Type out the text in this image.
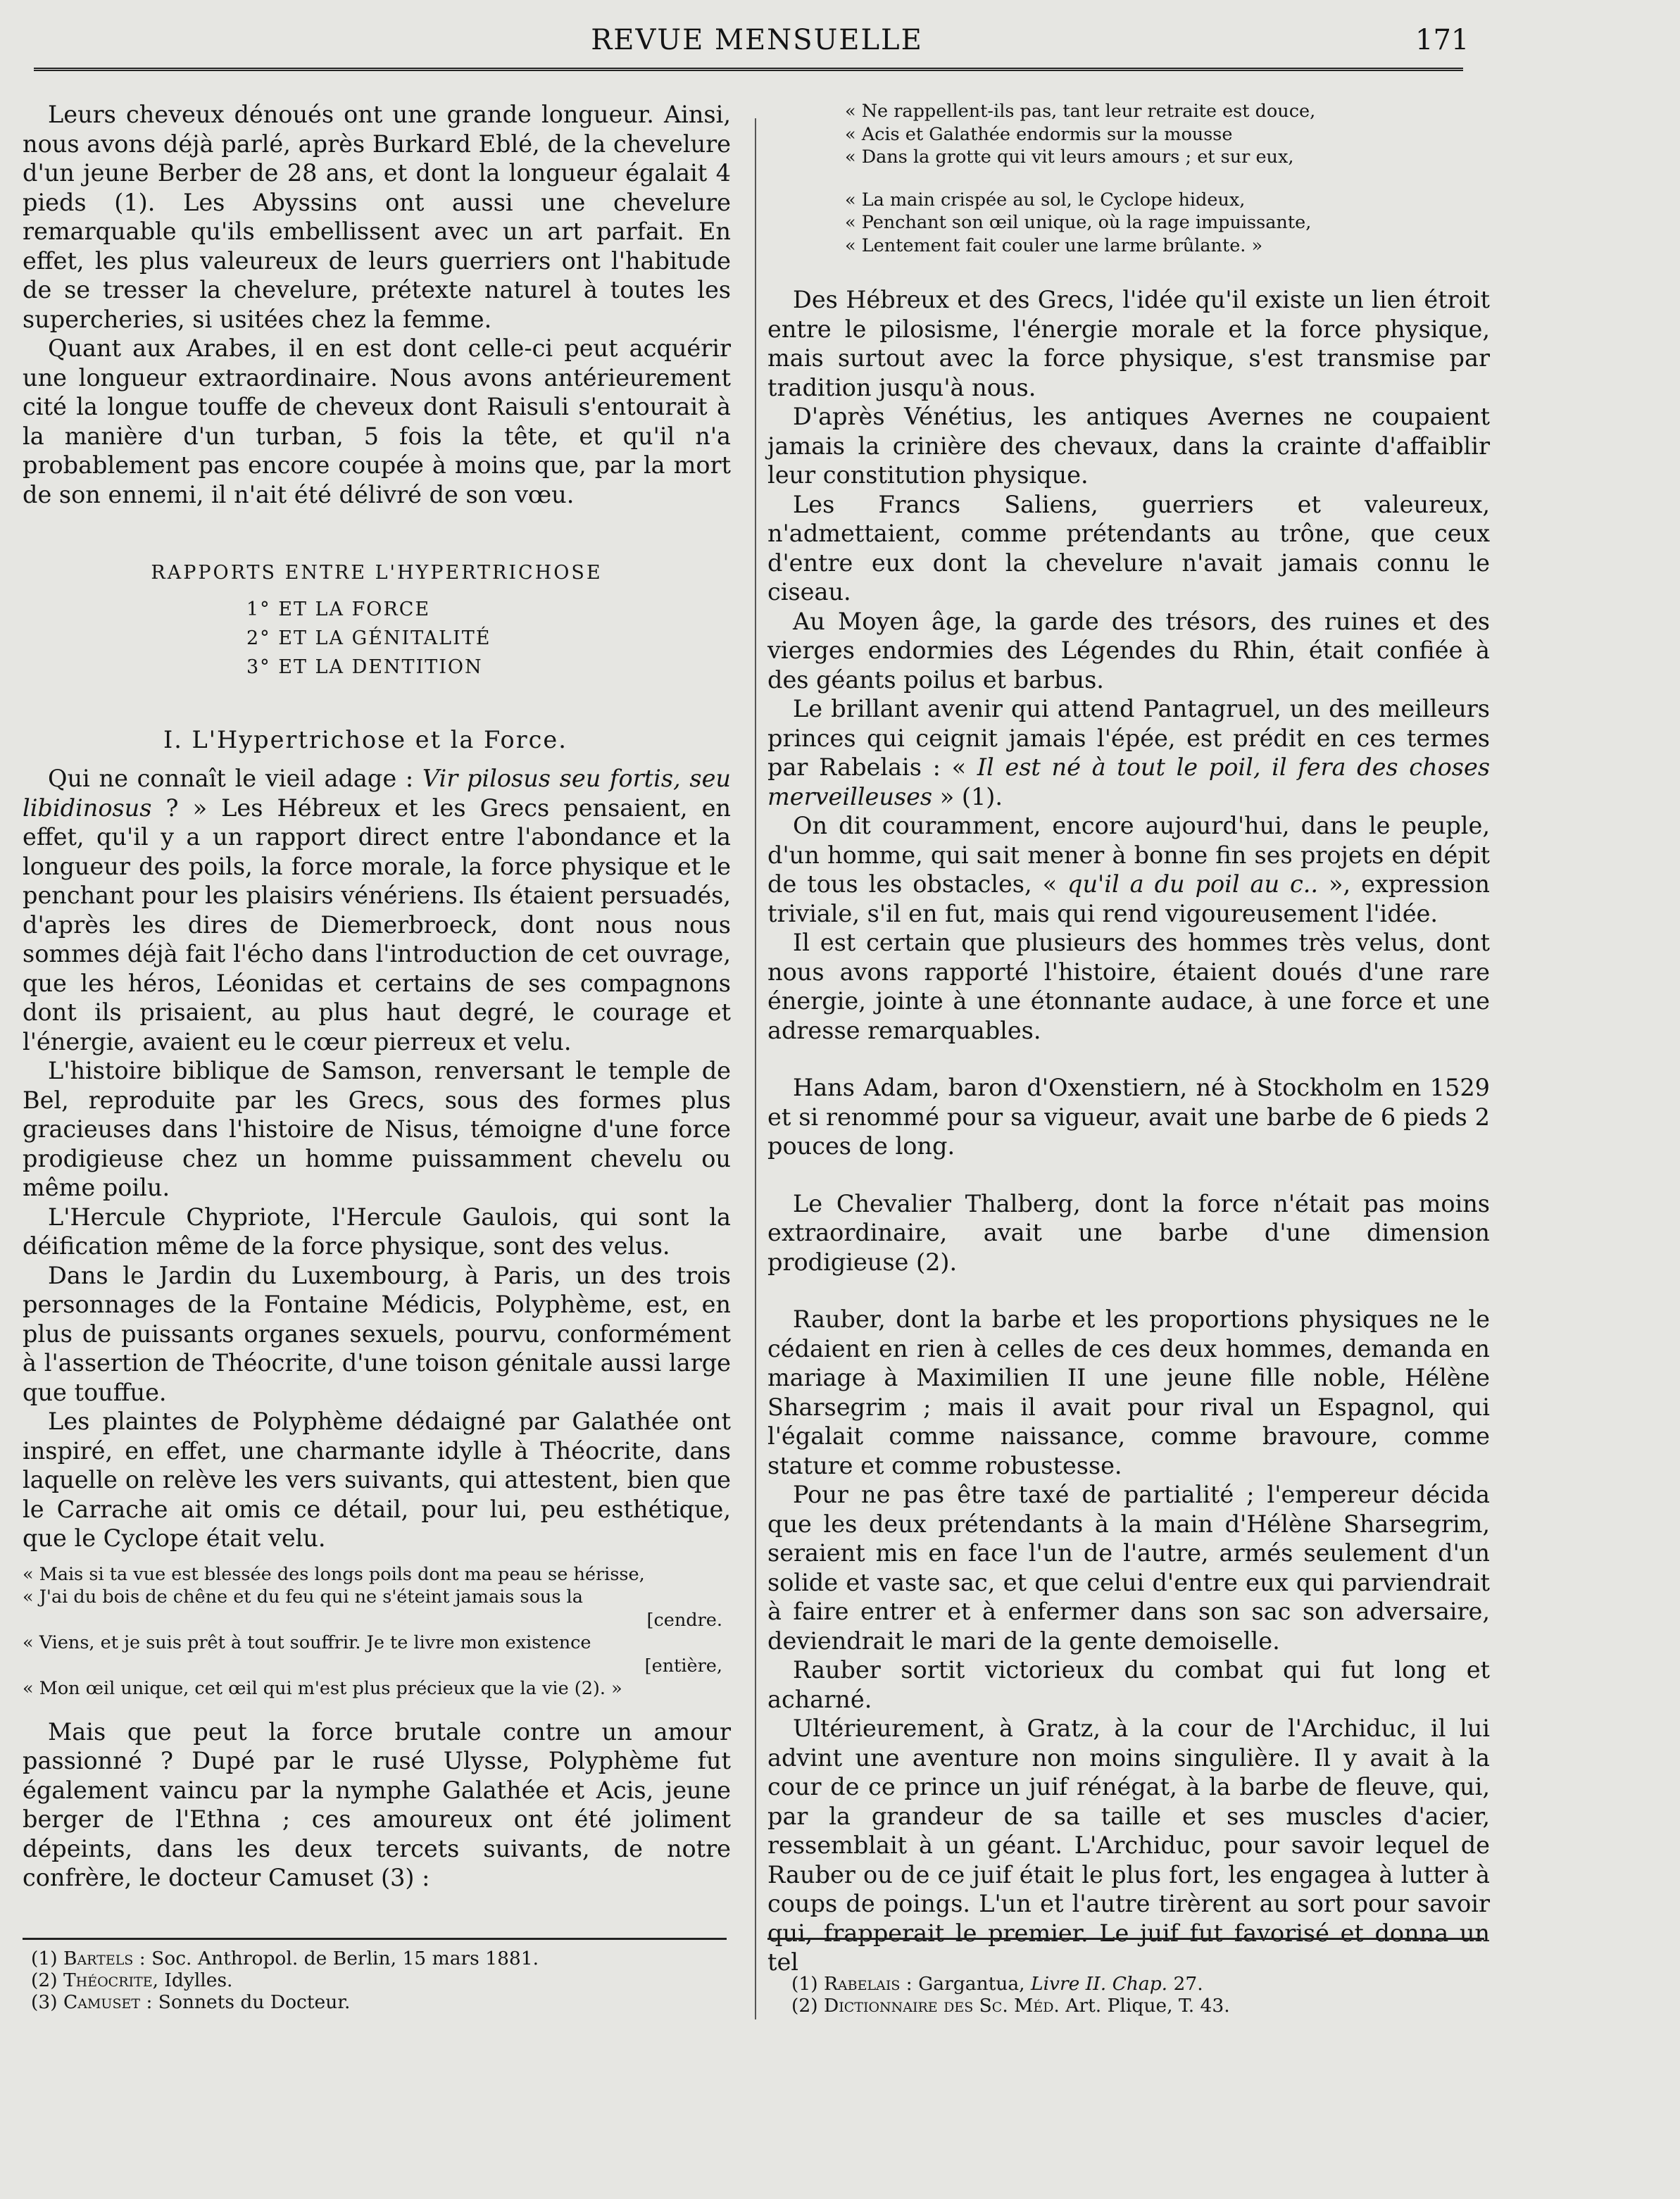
REVUE MENSUELLE	171

Leurs cheveux dénoués ont une grande longueur. Ainsi, nous avons déjà parlé, après Burkard Eblé, de la chevelure d'un jeune Berber de 28 ans, et dont la longueur égalait 4 pieds (1). Les Abyssins ont aussi une chevelure remarquable qu'ils embellissent avec un art parfait. En effet, les plus valeureux de leurs guerriers ont l'habitude de se tresser la chevelure, prétexte naturel à toutes les supercheries, si usitées chez la femme.

Quant aux Arabes, il en est dont celle-ci peut acquérir une longueur extraordinaire. Nous avons antérieurement cité la longue touffe de cheveux dont Raisuli s'entourait à la manière d'un turban, 5 fois la tête, et qu'il n'a probablement pas encore coupée à moins que, par la mort de son ennemi, il n'ait été délivré de son vœu.

RAPPORTS ENTRE L'HYPERTRICHOSE
1° ET LA FORCE
2° ET LA GÉNITALITÉ
3° ET LA DENTITION
I. L'Hypertrichose et la Force.

Qui ne connaît le vieil adage : Vir pilosus seu fortis, seu libidinosus ? » Les Hébreux et les Grecs pensaient, en effet, qu'il y a un rapport direct entre l'abondance et la longueur des poils, la force morale, la force physique et le penchant pour les plaisirs vénériens. Ils étaient persuadés, d'après les dires de Diemerbroeck, dont nous nous sommes déjà fait l'écho dans l'introduction de cet ouvrage, que les héros, Léonidas et certains de ses compagnons dont ils prisaient, au plus haut degré, le courage et l'énergie, avaient eu le cœur pierreux et velu.

L'histoire biblique de Samson, renversant le temple de Bel, reproduite par les Grecs, sous des formes plus gracieuses dans l'histoire de Nisus, témoigne d'une force prodigieuse chez un homme puissamment chevelu ou même poilu.

L'Hercule Chypriote, l'Hercule Gaulois, qui sont la déification même de la force physique, sont des velus.

Dans le Jardin du Luxembourg, à Paris, un des trois personnages de la Fontaine Médicis, Polyphème, est, en plus de puissants organes sexuels, pourvu, conformément à l'assertion de Théocrite, d'une toison génitale aussi large que touffue.

Les plaintes de Polyphème dédaigné par Galathée ont inspiré, en effet, une charmante idylle à Théocrite, dans laquelle on relève les vers suivants, qui attestent, bien que le Carrache ait omis ce détail, pour lui, peu esthétique, que le Cyclope était velu.

« Mais si ta vue est blessée des longs poils dont ma peau se hérisse,
« J'ai du bois de chêne et du feu qui ne s'éteint jamais sous la
[cendre.
« Viens, et je suis prêt à tout souffrir. Je te livre mon existence
[entière,
« Mon œil unique, cet œil qui m'est plus précieux que la vie (2). »

Mais que peut la force brutale contre un amour passionné ? Dupé par le rusé Ulysse, Polyphème fut également vaincu par la nymphe Galathée et Acis, jeune berger de l'Ethna ; ces amoureux ont été joliment dépeints, dans les deux tercets suivants, de notre confrère, le docteur Camuset (3) :

(1) Bartels : Soc. Anthropol. de Berlin, 15 mars 1881.
(2) Théocrite, Idylles.
(3) Camuset : Sonnets du Docteur.
« Ne rappellent-ils pas, tant leur retraite est douce,
« Acis et Galathée endormis sur la mousse
« Dans la grotte qui vit leurs amours ; et sur eux,
« La main crispée au sol, le Cyclope hideux,
« Penchant son œil unique, où la rage impuissante,
« Lentement fait couler une larme brûlante. »

Des Hébreux et des Grecs, l'idée qu'il existe un lien étroit entre le pilosisme, l'énergie morale et la force physique, mais surtout avec la force physique, s'est transmise par tradition jusqu'à nous.

D'après Vénétius, les antiques Avernes ne coupaient jamais la crinière des chevaux, dans la crainte d'affaiblir leur constitution physique.

Les Francs Saliens, guerriers et valeureux, n'admettaient, comme prétendants au trône, que ceux d'entre eux dont la chevelure n'avait jamais connu le ciseau.

Au Moyen âge, la garde des trésors, des ruines et des vierges endormies des Légendes du Rhin, était confiée à des géants poilus et barbus.

Le brillant avenir qui attend Pantagruel, un des meilleurs princes qui ceignit jamais l'épée, est prédit en ces termes par Rabelais : « Il est né à tout le poil, il fera des choses merveilleuses » (1).

On dit couramment, encore aujourd'hui, dans le peuple, d'un homme, qui sait mener à bonne fin ses projets en dépit de tous les obstacles, « qu'il a du poil au c.. », expression triviale, s'il en fut, mais qui rend vigoureusement l'idée.

Il est certain que plusieurs des hommes très velus, dont nous avons rapporté l'histoire, étaient doués d'une rare énergie, jointe à une étonnante audace, à une force et une adresse remarquables.

Hans Adam, baron d'Oxenstiern, né à Stockholm en 1529 et si renommé pour sa vigueur, avait une barbe de 6 pieds 2 pouces de long.

Le Chevalier Thalberg, dont la force n'était pas moins extraordinaire, avait une barbe d'une dimension prodigieuse (2).

Rauber, dont la barbe et les proportions physiques ne le cédaient en rien à celles de ces deux hommes, demanda en mariage à Maximilien II une jeune fille noble, Hélène Sharsegrim ; mais il avait pour rival un Espagnol, qui l'égalait comme naissance, comme bravoure, comme stature et comme robustesse.

Pour ne pas être taxé de partialité ; l'empereur décida que les deux prétendants à la main d'Hélène Sharsegrim, seraient mis en face l'un de l'autre, armés seulement d'un solide et vaste sac, et que celui d'entre eux qui parviendrait à faire entrer et à enfermer dans son sac son adversaire, deviendrait le mari de la gente demoiselle.

Rauber sortit victorieux du combat qui fut long et acharné.

Ultérieurement, à Gratz, à la cour de l'Archiduc, il lui advint une aventure non moins singulière. Il y avait à la cour de ce prince un juif rénégat, à la barbe de fleuve, qui, par la grandeur de sa taille et ses muscles d'acier, ressemblait à un géant. L'Archiduc, pour savoir lequel de Rauber ou de ce juif était le plus fort, les engagea à lutter à coups de poings. L'un et l'autre tirèrent au sort pour savoir qui, frapperait le premier. Le juif fut favorisé et donna un tel

(1) Rabelais : Gargantua, Livre II. Chap. 27.
(2) Dictionnaire des Sc. Méd. Art. Plique, T. 43.
